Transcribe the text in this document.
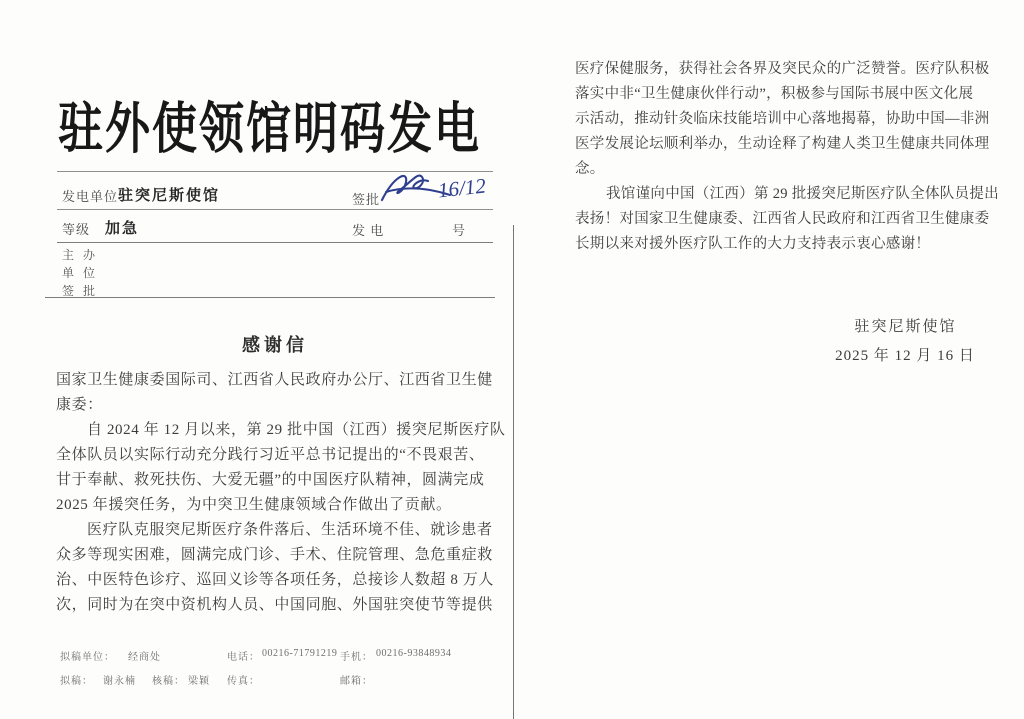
驻外使领馆明码发电
发电单位 驻突尼斯使馆	签批	16/12
等级 加急	发 电	号
主 办
单 位
签 批
感谢信
国家卫生健康委国际司、江西省人民政府办公厅、江西省卫生健
康委：
自 2024 年 12 月以来，第 29 批中国（江西）援突尼斯医疗队
全体队员以实际行动充分践行习近平总书记提出的“不畏艰苦、
甘于奉献、救死扶伤、大爱无疆”的中国医疗队精神，圆满完成
2025 年援突任务，为中突卫生健康领域合作做出了贡献。
医疗队克服突尼斯医疗条件落后、生活环境不佳、就诊患者
众多等现实困难，圆满完成门诊、手术、住院管理、急危重症救
治、中医特色诊疗、巡回义诊等各项任务，总接诊人数超 8 万人
次，同时为在突中资机构人员、中国同胞、外国驻突使节等提供
拟稿单位： 经商处	电话： 00216-71791219 手机： 00216-93848934
拟稿： 谢永楠 核稿： 梁颖 传真：	邮箱：
医疗保健服务，获得社会各界及突民众的广泛赞誉。医疗队积极
落实中非“卫生健康伙伴行动”，积极参与国际书展中医文化展
示活动，推动针灸临床技能培训中心落地揭幕，协助中国—非洲
医学发展论坛顺利举办，生动诠释了构建人类卫生健康共同体理
念。
我馆谨向中国（江西）第 29 批援突尼斯医疗队全体队员提出
表扬！对国家卫生健康委、江西省人民政府和江西省卫生健康委
长期以来对援外医疗队工作的大力支持表示衷心感谢！
驻突尼斯使馆
2025 年 12 月 16 日
